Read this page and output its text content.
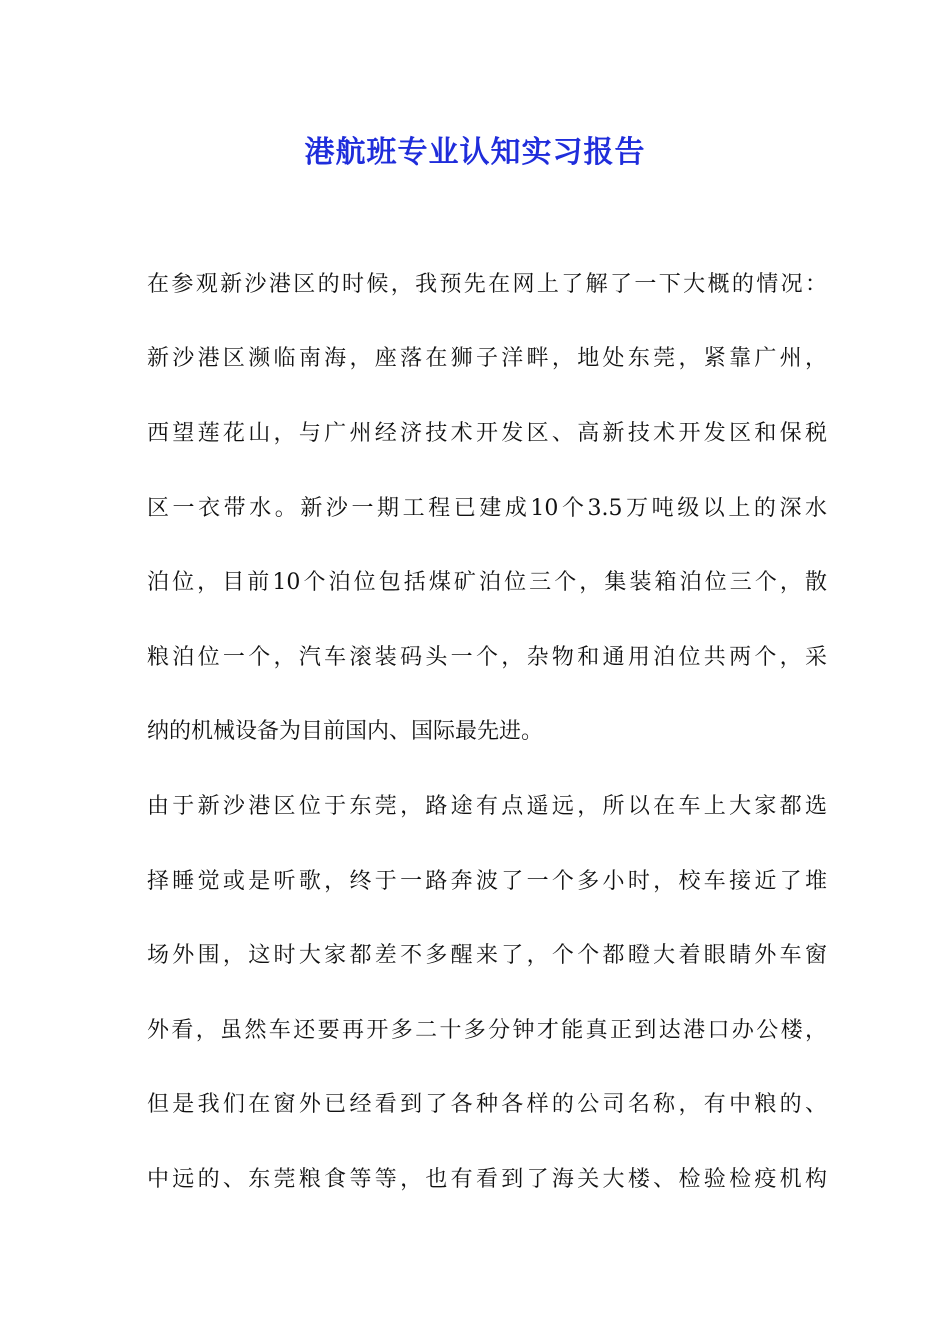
港航班专业认知实习报告
在参观新沙港区的时候，我预先在网上了解了一下大概的情况：
新沙港区濒临南海，座落在狮子洋畔，地处东莞，紧靠广州，
西望莲花山，与广州经济技术开发区、高新技术开发区和保税
区一衣带水。新沙一期工程已建成10个3.5万吨级以上的深水
泊位，目前10个泊位包括煤矿泊位三个，集装箱泊位三个，散
粮泊位一个，汽车滚装码头一个，杂物和通用泊位共两个，采
纳的机械设备为目前国内、国际最先进。
由于新沙港区位于东莞，路途有点遥远，所以在车上大家都选
择睡觉或是听歌，终于一路奔波了一个多小时，校车接近了堆
场外围，这时大家都差不多醒来了，个个都瞪大着眼睛外车窗
外看，虽然车还要再开多二十多分钟才能真正到达港口办公楼，
但是我们在窗外已经看到了各种各样的公司名称，有中粮的、
中远的、东莞粮食等等，也有看到了海关大楼、检验检疫机构
